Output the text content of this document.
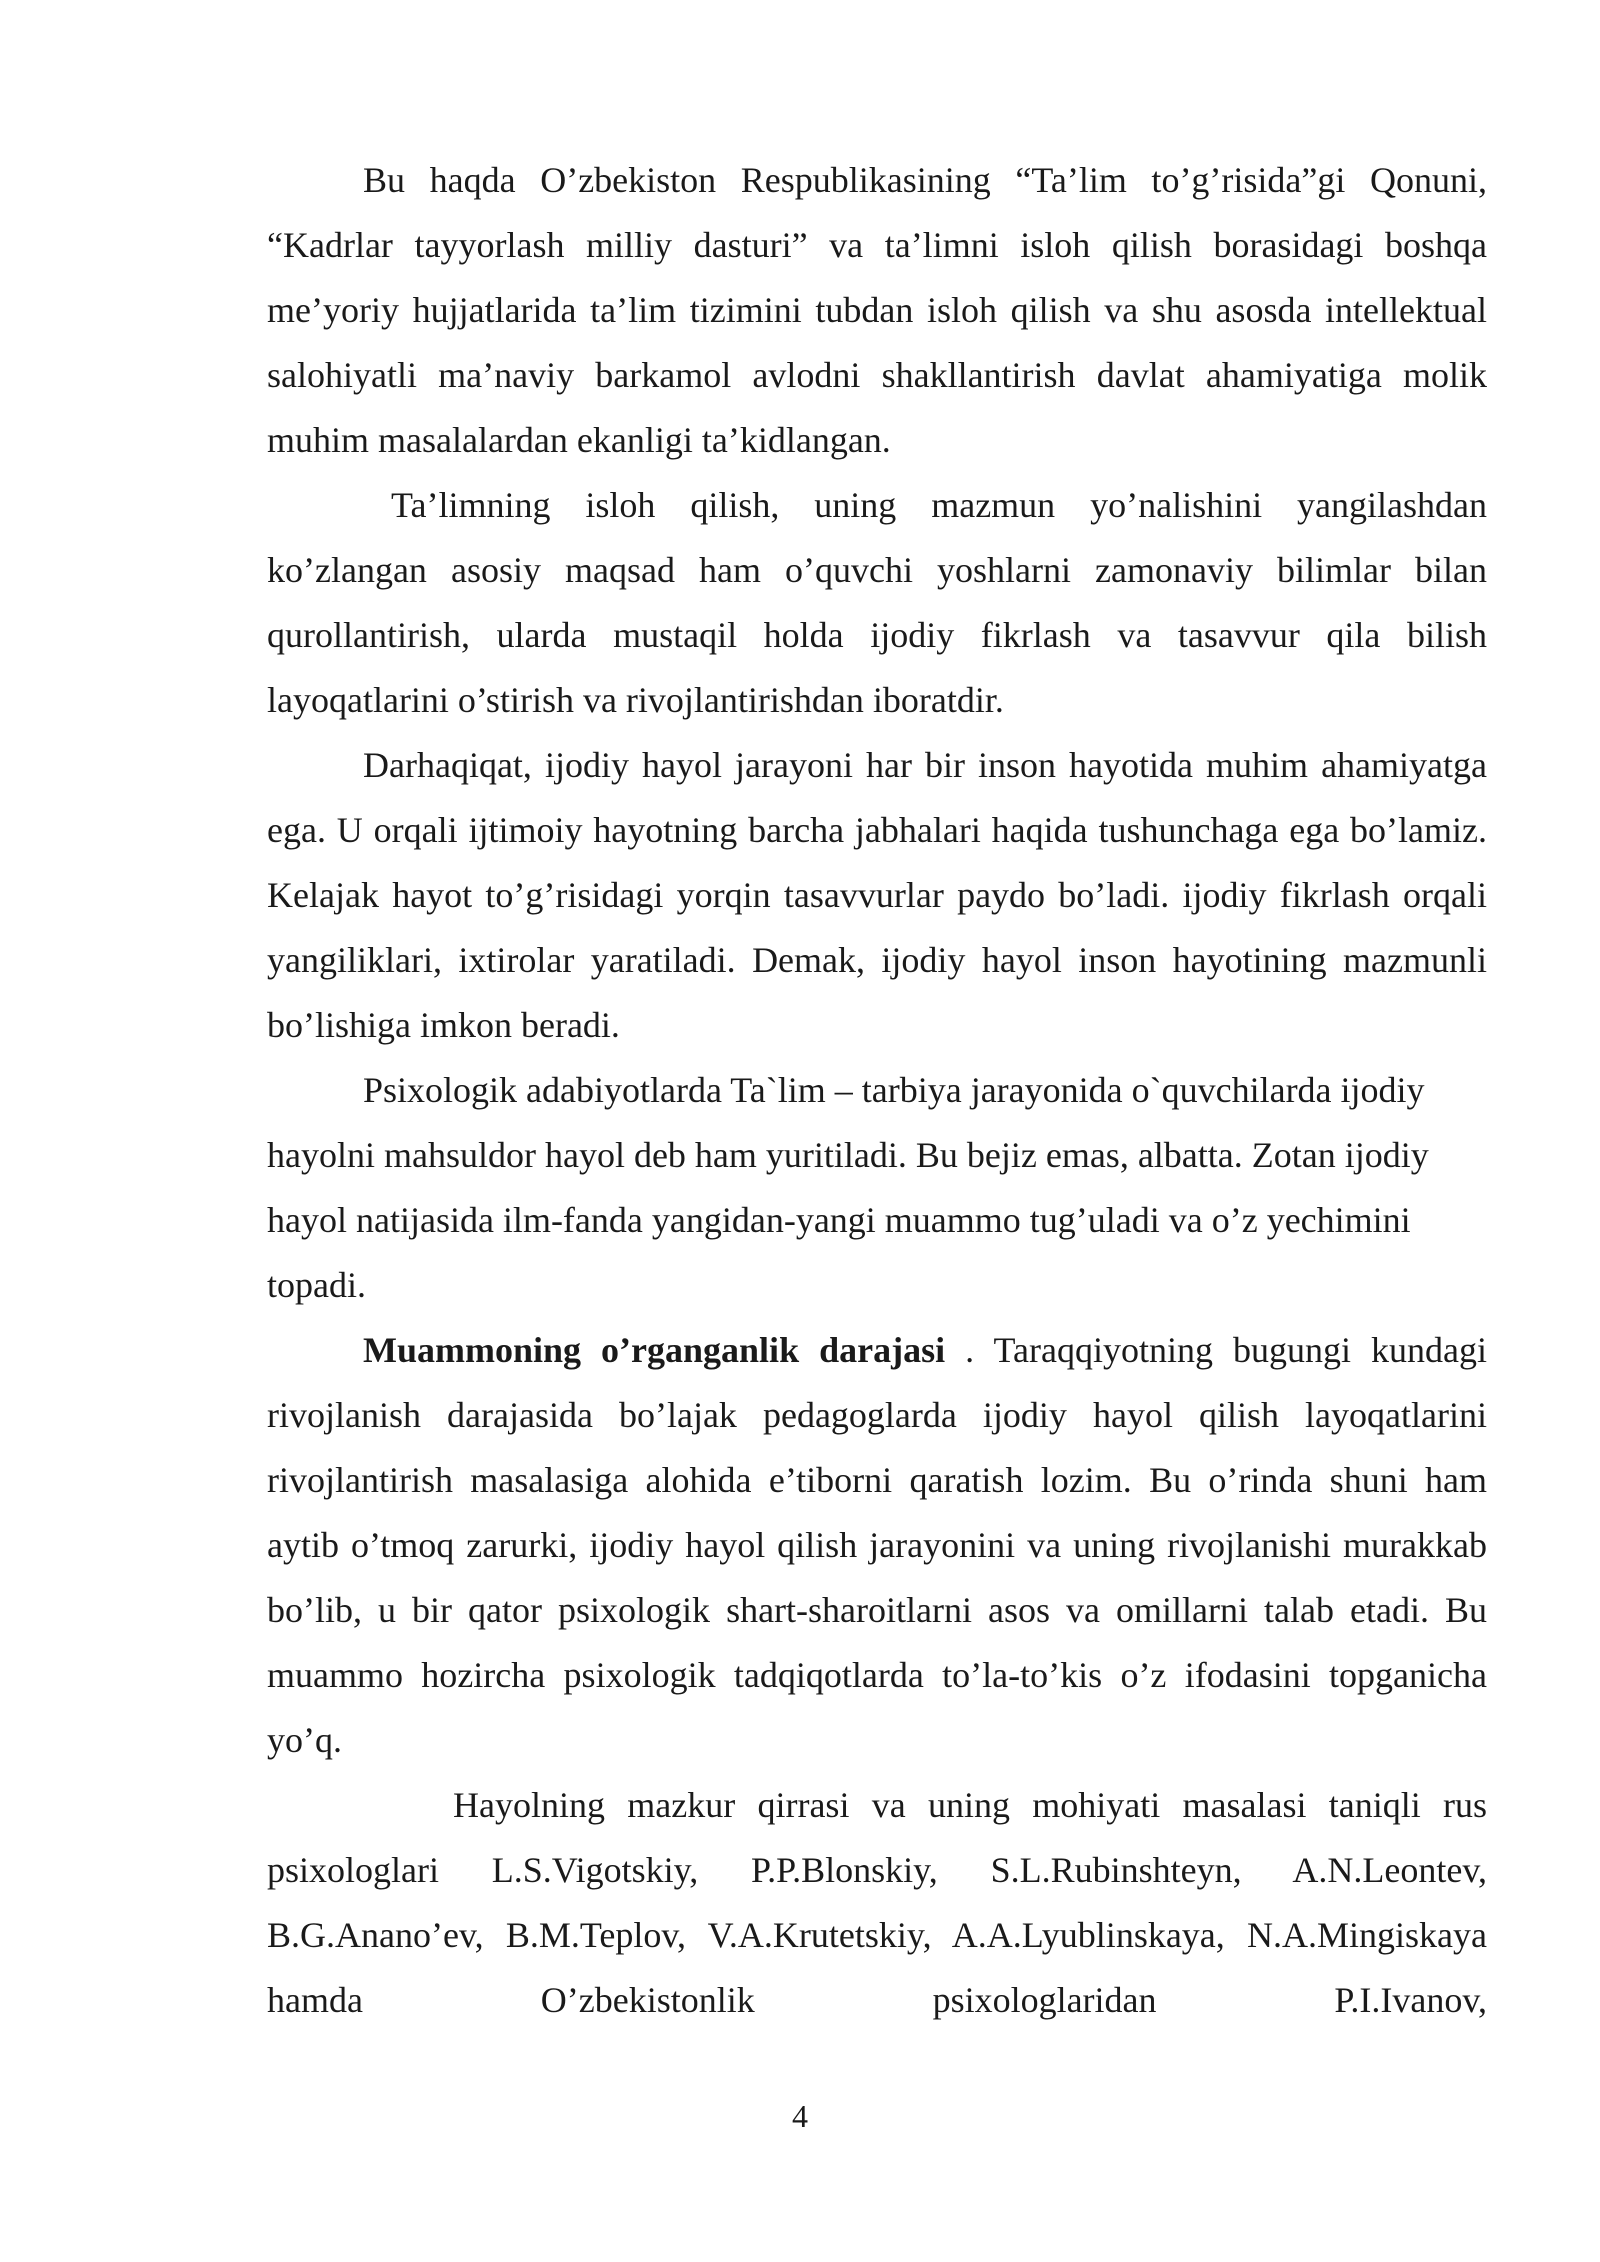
Bu haqda O’zbekiston Respublikasining “Ta’lim to’g’risida”gi Qonuni, “Kadrlar tayyorlash milliy dasturi” va ta’limni isloh qilish borasidagi boshqa me’yoriy hujjatlarida ta’lim tizimini tubdan isloh qilish va shu asosda intellektual salohiyatli ma’naviy barkamol avlodni shakllantirish davlat ahamiyatiga molik muhim masalalardan ekanligi ta’kidlangan.

Ta’limning isloh qilish, uning mazmun yo’nalishini yangilashdan ko’zlangan asosiy maqsad ham o’quvchi yoshlarni zamonaviy bilimlar bilan qurollantirish, ularda mustaqil holda ijodiy fikrlash va tasavvur qila bilish layoqatlarini o’stirish va rivojlantirishdan iboratdir.

Darhaqiqat, ijodiy hayol jarayoni har bir inson hayotida muhim ahamiyatga ega. U orqali ijtimoiy hayotning barcha jabhalari haqida tushunchaga ega bo’lamiz. Kelajak hayot to’g’risidagi yorqin tasavvurlar paydo bo’ladi. ijodiy fikrlash orqali yangiliklari, ixtirolar yaratiladi. Demak, ijodiy hayol inson hayotining mazmunli bo’lishiga imkon beradi.

Psixologik adabiyotlarda Ta`lim – tarbiya jarayonida o`quvchilarda ijodiy hayolni mahsuldor hayol deb ham yuritiladi. Bu bejiz emas, albatta. Zotan ijodiy hayol natijasida ilm-fanda yangidan-yangi muammo tug’uladi va o’z yechimini topadi.

Muammoning o’rganganlik darajasi . Taraqqiyotning bugungi kundagi rivojlanish darajasida bo’lajak pedagoglarda ijodiy hayol qilish layoqatlarini rivojlantirish masalasiga alohida e’tiborni qaratish lozim. Bu o’rinda shuni ham aytib o’tmoq zarurki, ijodiy hayol qilish jarayonini va uning rivojlanishi murakkab bo’lib, u bir qator psixologik shart-sharoitlarni asos va omillarni talab etadi. Bu muammo hozircha psixologik tadqiqotlarda to’la-to’kis o’z ifodasini topganicha yo’q.

Hayolning mazkur qirrasi va uning mohiyati masalasi taniqli rus psixologlari L.S.Vigotskiy, P.P.Blonskiy, S.L.Rubinshteyn, A.N.Leontev, B.G.Anano’ev, B.M.Teplov, V.A.Krutetskiy, A.A.Lyublinskaya, N.A.Mingiskaya hamda O’zbekistonlik psixologlaridan P.I.Ivanov,

4
